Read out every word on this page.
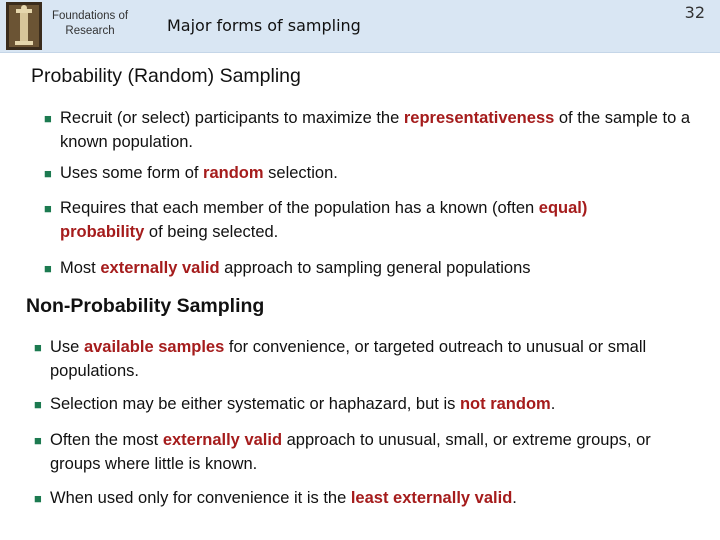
Foundations of Research	Major forms of sampling
32
Probability (Random) Sampling
■ Recruit (or select) participants to maximize the representativeness of the sample to a known population.
■ Uses some form of random selection.
■ Requires that each member of the population has a known (often equal) probability of being selected.
■ Most externally valid approach to sampling general populations
Non-Probability Sampling
■ Use available samples for convenience, or targeted outreach to unusual or small populations.
■ Selection may be either systematic or haphazard, but is not random.
■ Often the most externally valid approach to unusual, small, or extreme groups, or groups where little is known.
■ When used only for convenience it is the least externally valid.
